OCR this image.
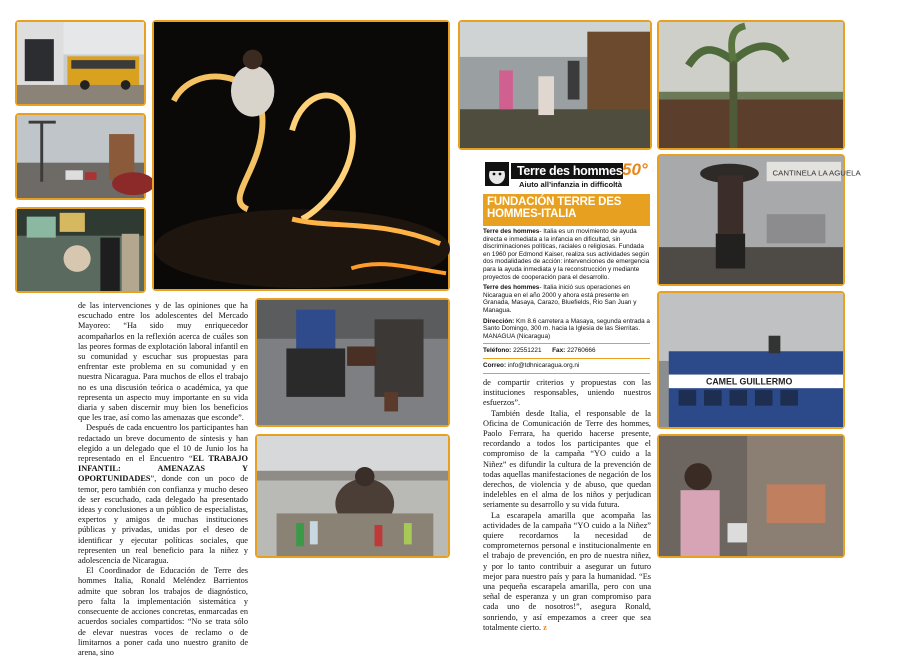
CANTINELA LA AGUELA
CAMEL GUILLERMO

de las intervenciones y de las opiniones que ha escuchado entre los adolescentes del Mercado Mayoreo: “Ha sido muy enriquecedor acompañarlos en la reflexión acerca de cuáles son las peores formas de explotación laboral infantil en su comunidad y escuchar sus propuestas para enfrentar este problema en su comunidad y en nuestra Nicaragua. Para muchos de ellos el trabajo no es una discusión teórica o académica, ya que representa un aspecto muy importante en su vida diaria y saben discernir muy bien los beneficios que les trae, así como las amenazas que esconde”.

Después de cada encuentro los participantes han redactado un breve documento de síntesis y han elegido a un delegado que el 10 de Junio los ha representado en el Encuentro “EL TRABAJO INFANTIL: AMENAZAS Y OPORTUNIDADES”, donde con un poco de temor, pero también con confianza y mucho deseo de ser escuchado, cada delegado ha presentado ideas y conclusiones a un público de especialistas, expertos y amigos de muchas instituciones públicas y privadas, unidas por el deseo de identificar y ejecutar políticas sociales, que representen un real beneficio para la niñez y adolescencia de Nicaragua.

El Coordinador de Educación de Terre des hommes Italia, Ronald Meléndez Barrientos admite que sobran los trabajos de diagnóstico, pero falta la implementación sistemática y consecuente de acciones concretas, enmarcadas en acuerdos sociales compartidos: “No se trata sólo de elevar nuestras voces de reclamo o de limitarnos a poner cada uno nuestro granito de arena, sino

Terre des hommes 50°
Aiuto all’infanzia in difficoltà
FUNDACIÓN TERRE DES HOMMES-ITALIA

Terre des hommes- Italia es un movimiento de ayuda directa e inmediata a la infancia en dificultad, sin discriminaciones políticas, raciales o religiosas. Fundada en 1960 por Edmond Kaiser, realiza sus actividades según dos modalidades de acción: intervenciones de emergencia para la ayuda inmediata y la reconstrucción y mediante proyectos de cooperación para el desarrollo.

Terre des hommes- Italia inició sus operaciones en Nicaragua en el año 2000 y ahora está presente en Granada, Masaya, Carazo, Bluefields, Río San Juan y Managua.

Dirección: Km 8.6 carretera a Masaya, segunda entrada a Santo Domingo, 300 m. hacia la Iglesia de las Sierritas. MANAGUA (Nicaragua)

Teléfono: 22551221 Fax: 22760666

Correo: info@tdhnicaragua.org.ni

de compartir criterios y propuestas con las instituciones responsables, uniendo nuestros esfuerzos”.

También desde Italia, el responsable de la Oficina de Comunicación de Terre des hommes, Paolo Ferrara, ha querido hacerse presente, recordando a todos los participantes que el compromiso de la campaña “YO cuido a la Niñez” es difundir la cultura de la prevención de todas aquellas manifestaciones de negación de los derechos, de violencia y de abuso, que quedan indelebles en el alma de los niños y perjudican seriamente su desarrollo y su vida futura.

La escarapela amarilla que acompaña las actividades de la campaña “YO cuido a la Niñez” quiere recordarnos la necesidad de comprometernos personal e institucionalmente en el trabajo de prevención, en pro de nuestra niñez, y por lo tanto contribuir a asegurar un futuro mejor para nuestro país y para la humanidad. “Es una pequeña escarapela amarilla, pero con una señal de esperanza y un gran compromiso para cada uno de nosotros!”, asegura Ronald, sonriendo, y así empezamos a creer que sea totalmente cierto. z
